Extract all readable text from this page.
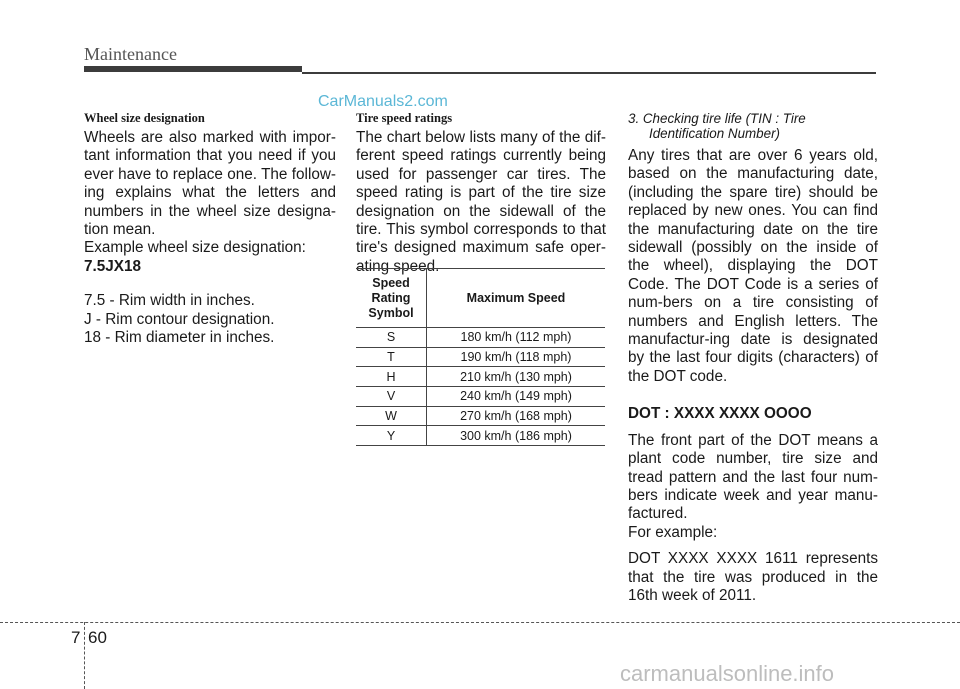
Maintenance
CarManuals2.com

Wheel size designation

Wheels are also marked with impor-tant information that you need if you ever have to replace one. The follow-ing explains what the letters and numbers in the wheel size designa-tion mean.

Example wheel size designation:

7.5JX18

7.5 - Rim width in inches.

J - Rim contour designation.

18 - Rim diameter in inches.

Tire speed ratings

The chart below lists many of the dif-ferent speed ratings currently being used for passenger car tires. The speed rating is part of the tire size designation on the sidewall of the tire. This symbol corresponds to that tire's designed maximum safe oper-ating speed.

Speed Rating Symbol	Maximum Speed
S	180 km/h (112 mph)
T	190 km/h (118 mph)
H	210 km/h (130 mph)
V	240 km/h (149 mph)
W	270 km/h (168 mph)
Y	300 km/h (186 mph)

3. Checking tire life (TIN : Tire Identification Number)

Any tires that are over 6 years old, based on the manufacturing date, (including the spare tire) should be replaced by new ones. You can find the manufacturing date on the tire sidewall (possibly on the inside of the wheel), displaying the DOT Code. The DOT Code is a series of num-bers on a tire consisting of numbers and English letters. The manufactur-ing date is designated by the last four digits (characters) of the DOT code.

DOT : XXXX XXXX OOOO

The front part of the DOT means a plant code number, tire size and tread pattern and the last four num-bers indicate week and year manu-factured.

For example:

DOT XXXX XXXX 1611 represents that the tire was produced in the 16th week of 2011.

7 60
carmanualsonline.info
